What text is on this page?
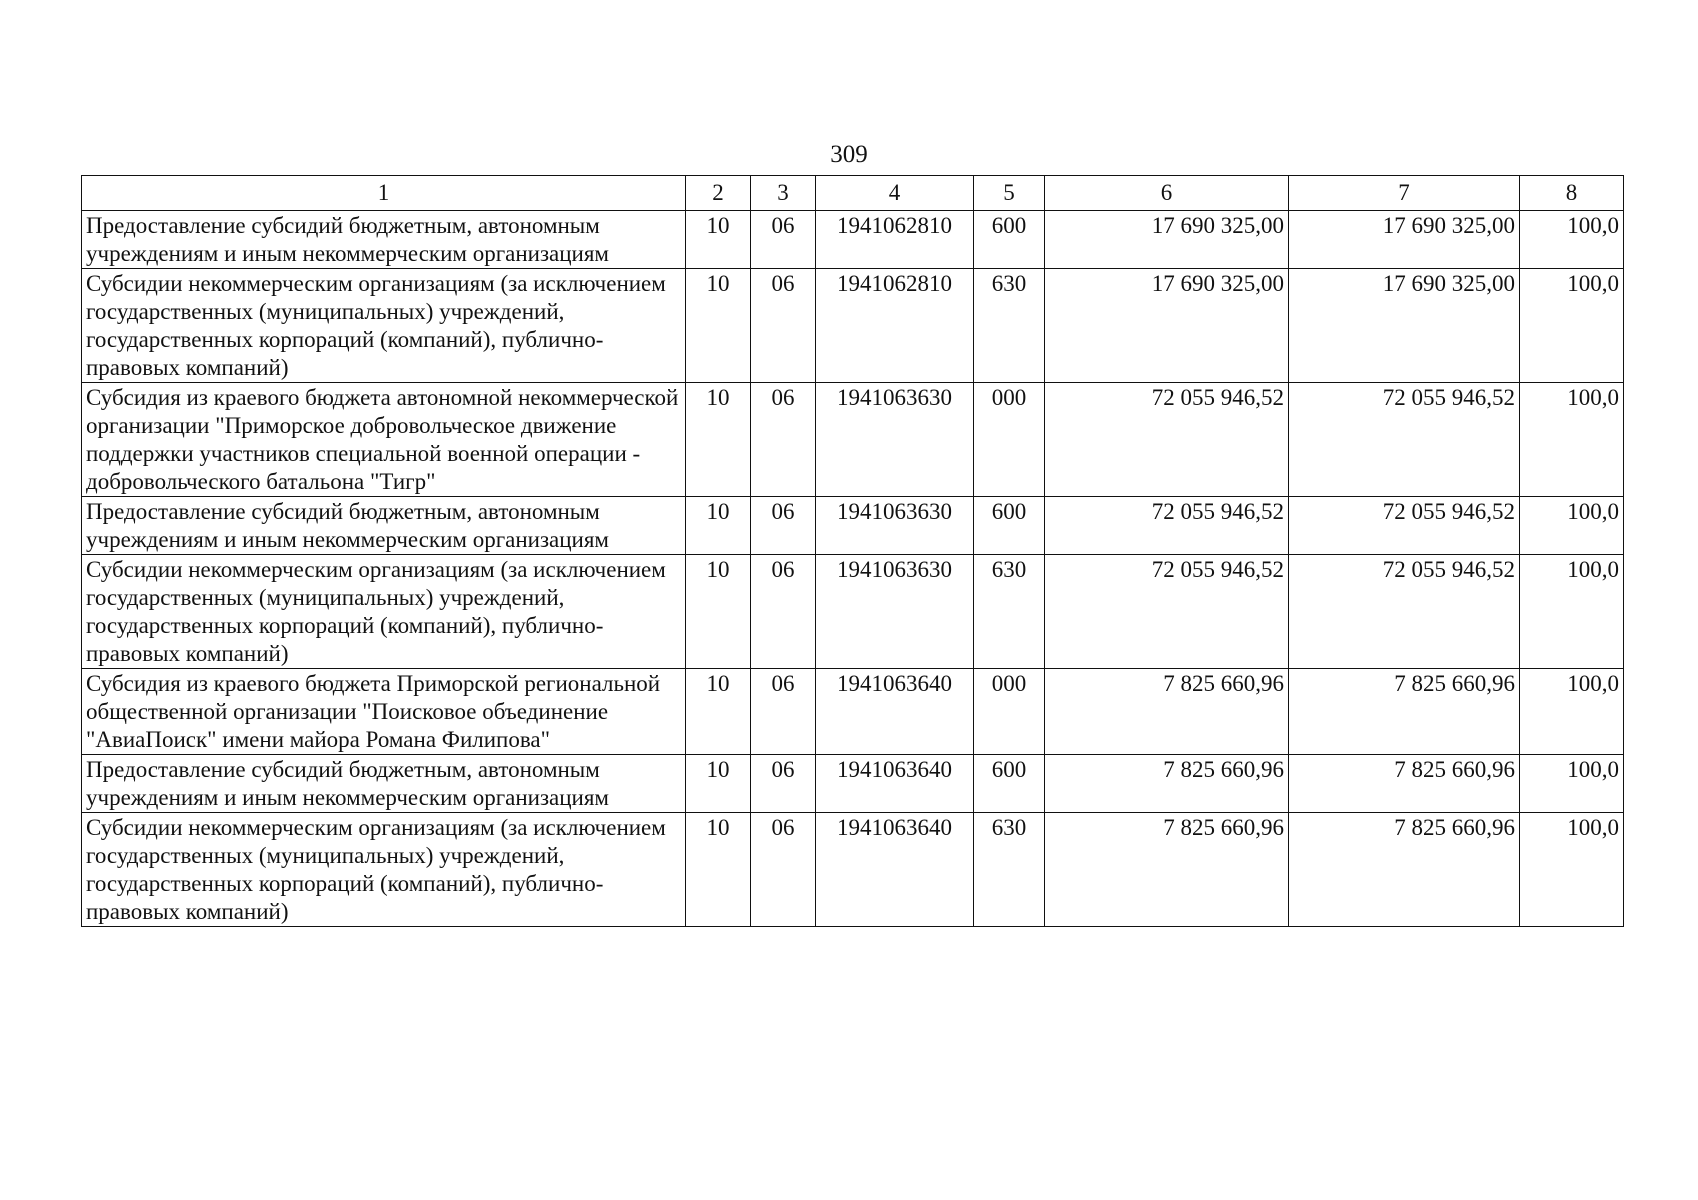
309
1	2	3	4	5	6	7	8
Предоставление субсидий бюджетным, автономным учреждениям и иным некоммерческим организациям	10	06	1941062810	600	17 690 325,00	17 690 325,00	100,0
Субсидии некоммерческим организациям (за исключением государственных (муниципальных) учреждений, государственных корпораций (компаний), публично-правовых компаний)	10	06	1941062810	630	17 690 325,00	17 690 325,00	100,0
Субсидия из краевого бюджета автономной некоммерческой организации "Приморское добровольческое движение поддержки участников специальной военной операции - добровольческого батальона "Тигр"	10	06	1941063630	000	72 055 946,52	72 055 946,52	100,0
Предоставление субсидий бюджетным, автономным учреждениям и иным некоммерческим организациям	10	06	1941063630	600	72 055 946,52	72 055 946,52	100,0
Субсидии некоммерческим организациям (за исключением государственных (муниципальных) учреждений, государственных корпораций (компаний), публично-правовых компаний)	10	06	1941063630	630	72 055 946,52	72 055 946,52	100,0
Субсидия из краевого бюджета Приморской региональной общественной организации "Поисковое объединение "АвиаПоиск" имени майора Романа Филипова"	10	06	1941063640	000	7 825 660,96	7 825 660,96	100,0
Предоставление субсидий бюджетным, автономным учреждениям и иным некоммерческим организациям	10	06	1941063640	600	7 825 660,96	7 825 660,96	100,0
Субсидии некоммерческим организациям (за исключением государственных (муниципальных) учреждений, государственных корпораций (компаний), публично-правовых компаний)	10	06	1941063640	630	7 825 660,96	7 825 660,96	100,0
